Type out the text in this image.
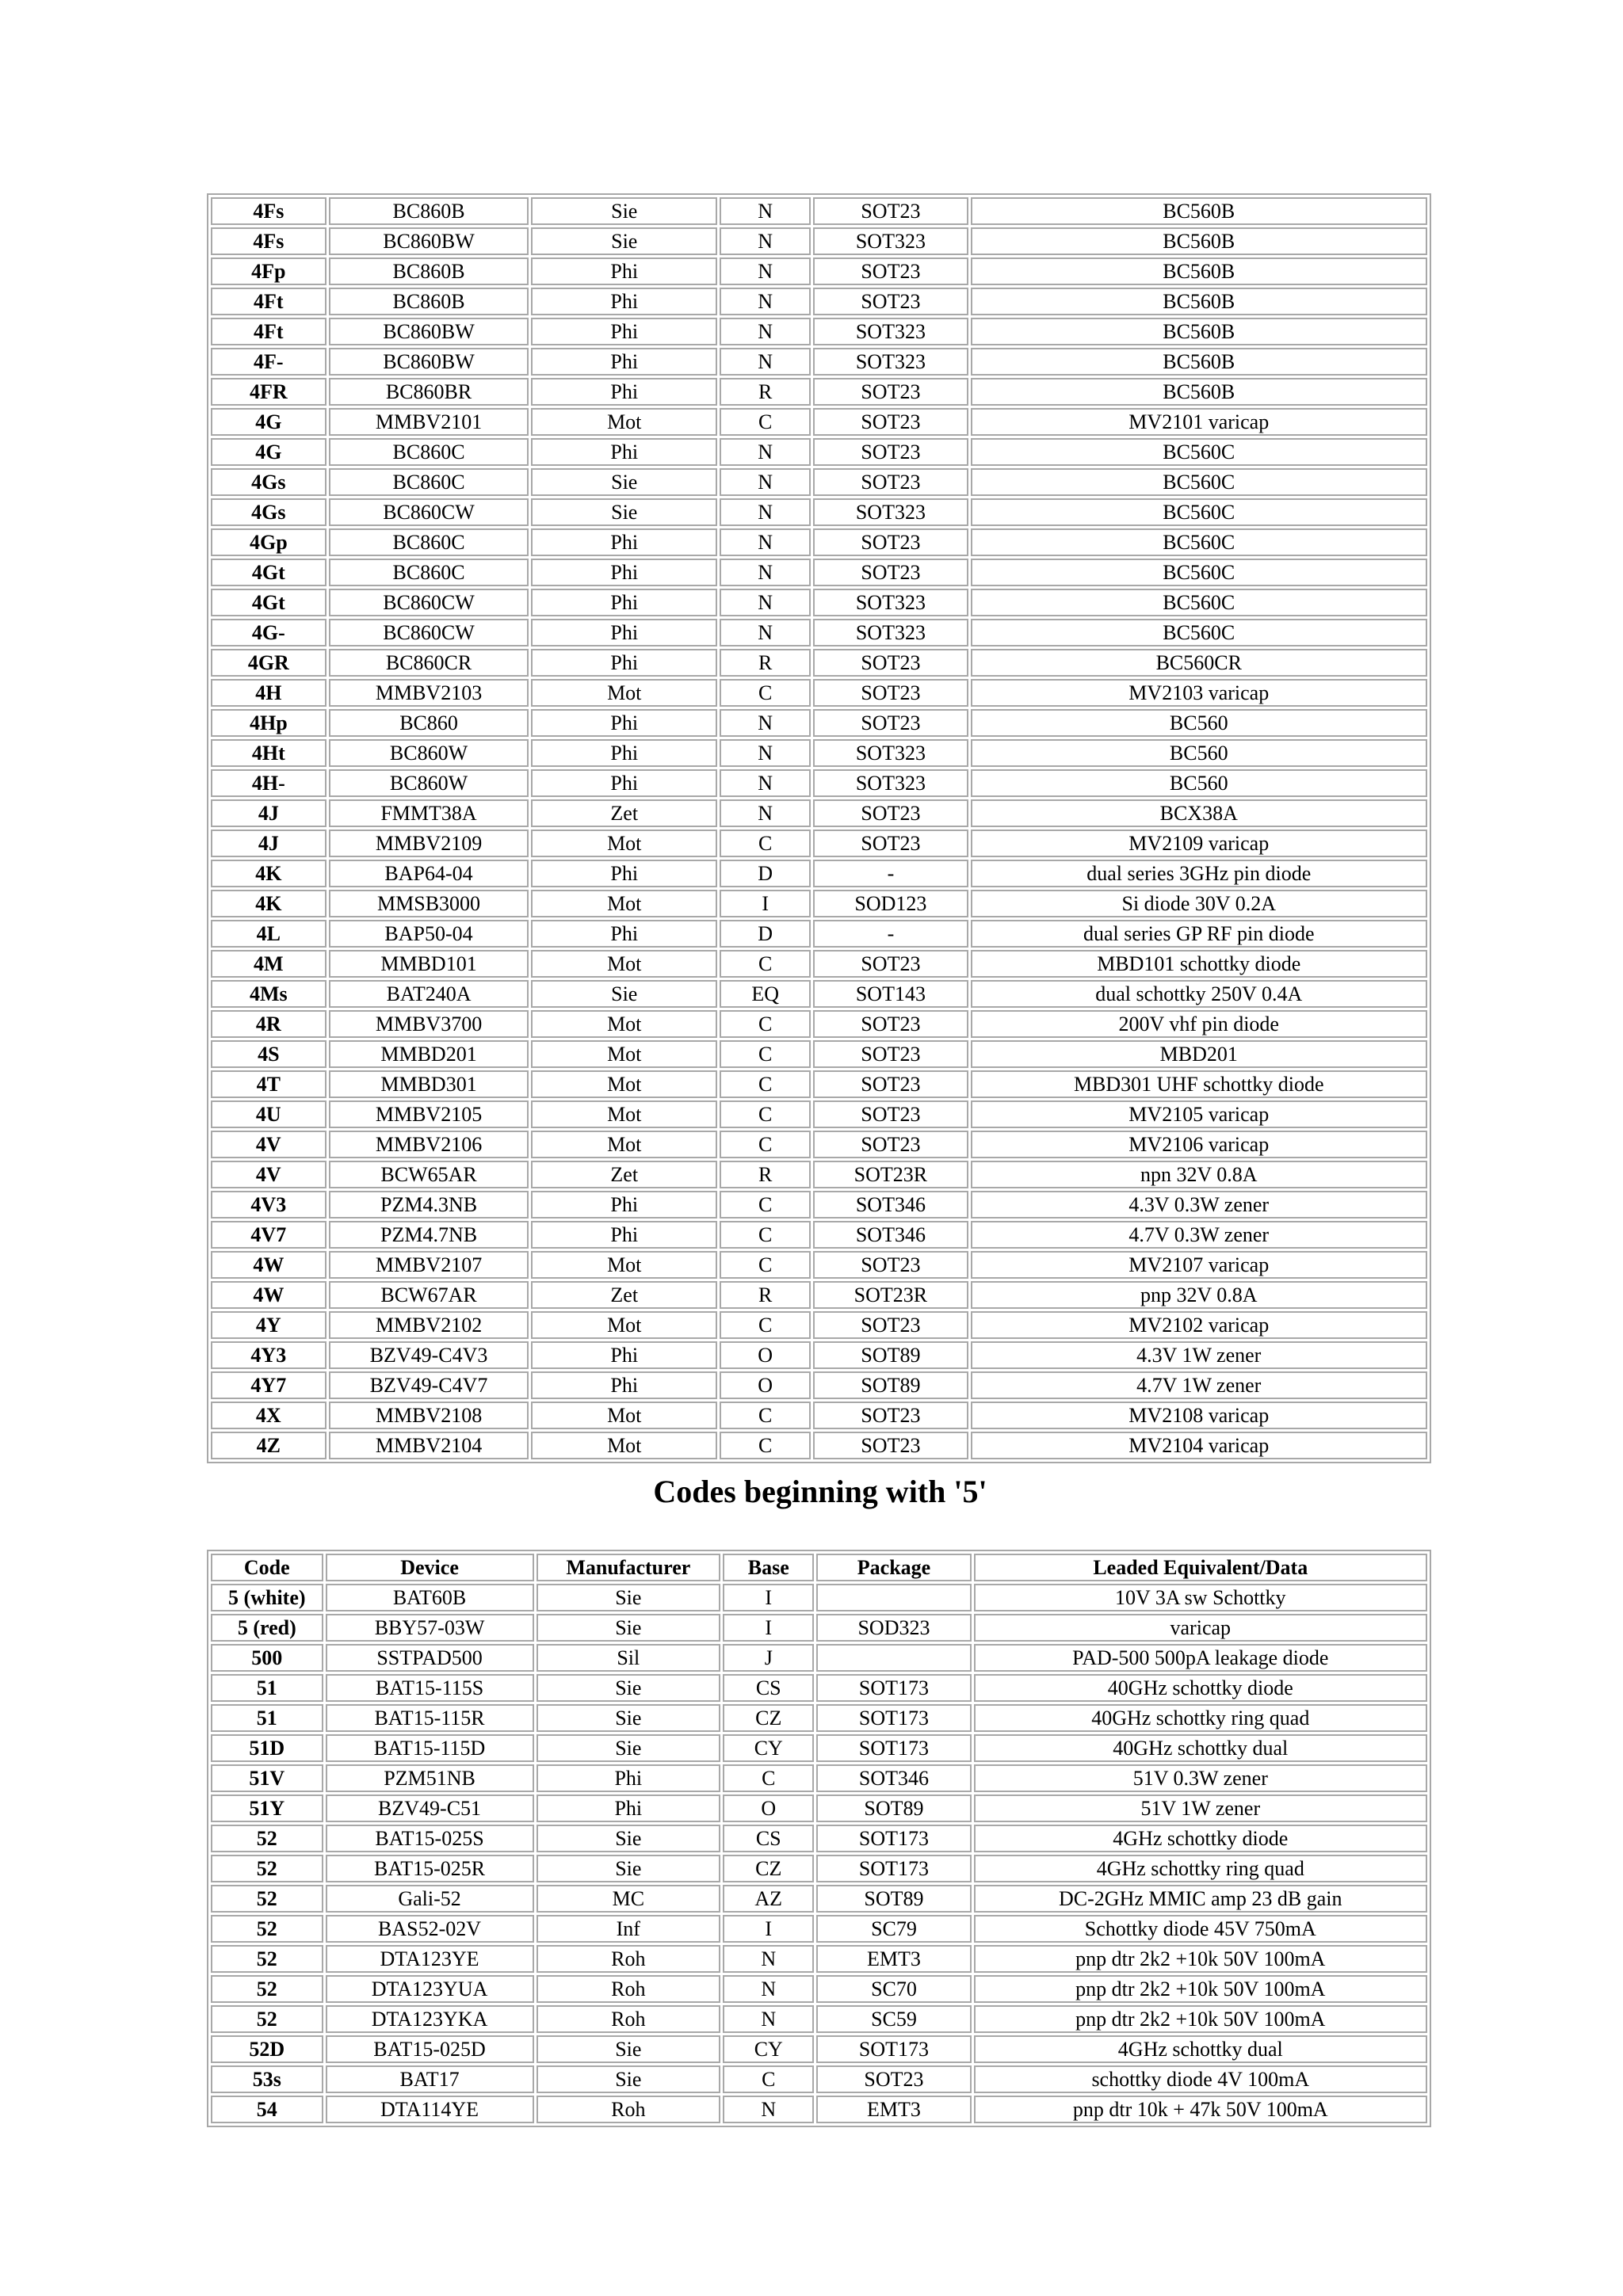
4Fs	BC860B	Sie	N	SOT23	BC560B
4Fs	BC860BW	Sie	N	SOT323	BC560B
4Fp	BC860B	Phi	N	SOT23	BC560B
4Ft	BC860B	Phi	N	SOT23	BC560B
4Ft	BC860BW	Phi	N	SOT323	BC560B
4F-	BC860BW	Phi	N	SOT323	BC560B
4FR	BC860BR	Phi	R	SOT23	BC560B
4G	MMBV2101	Mot	C	SOT23	MV2101 varicap
4G	BC860C	Phi	N	SOT23	BC560C
4Gs	BC860C	Sie	N	SOT23	BC560C
4Gs	BC860CW	Sie	N	SOT323	BC560C
4Gp	BC860C	Phi	N	SOT23	BC560C
4Gt	BC860C	Phi	N	SOT23	BC560C
4Gt	BC860CW	Phi	N	SOT323	BC560C
4G-	BC860CW	Phi	N	SOT323	BC560C
4GR	BC860CR	Phi	R	SOT23	BC560CR
4H	MMBV2103	Mot	C	SOT23	MV2103 varicap
4Hp	BC860	Phi	N	SOT23	BC560
4Ht	BC860W	Phi	N	SOT323	BC560
4H-	BC860W	Phi	N	SOT323	BC560
4J	FMMT38A	Zet	N	SOT23	BCX38A
4J	MMBV2109	Mot	C	SOT23	MV2109 varicap
4K	BAP64-04	Phi	D	-	dual series 3GHz pin diode
4K	MMSB3000	Mot	I	SOD123	Si diode 30V 0.2A
4L	BAP50-04	Phi	D	-	dual series GP RF pin diode
4M	MMBD101	Mot	C	SOT23	MBD101 schottky diode
4Ms	BAT240A	Sie	EQ	SOT143	dual schottky 250V 0.4A
4R	MMBV3700	Mot	C	SOT23	200V vhf pin diode
4S	MMBD201	Mot	C	SOT23	MBD201
4T	MMBD301	Mot	C	SOT23	MBD301 UHF schottky diode
4U	MMBV2105	Mot	C	SOT23	MV2105 varicap
4V	MMBV2106	Mot	C	SOT23	MV2106 varicap
4V	BCW65AR	Zet	R	SOT23R	npn 32V 0.8A
4V3	PZM4.3NB	Phi	C	SOT346	4.3V 0.3W zener
4V7	PZM4.7NB	Phi	C	SOT346	4.7V 0.3W zener
4W	MMBV2107	Mot	C	SOT23	MV2107 varicap
4W	BCW67AR	Zet	R	SOT23R	pnp 32V 0.8A
4Y	MMBV2102	Mot	C	SOT23	MV2102 varicap
4Y3	BZV49-C4V3	Phi	O	SOT89	4.3V 1W zener
4Y7	BZV49-C4V7	Phi	O	SOT89	4.7V 1W zener
4X	MMBV2108	Mot	C	SOT23	MV2108 varicap
4Z	MMBV2104	Mot	C	SOT23	MV2104 varicap
Codes beginning with '5'
Code	Device	Manufacturer	Base	Package	Leaded Equivalent/Data
5 (white)	BAT60B	Sie	I		10V 3A sw Schottky
5 (red)	BBY57-03W	Sie	I	SOD323	varicap
500	SSTPAD500	Sil	J		PAD-500 500pA leakage diode
51	BAT15-115S	Sie	CS	SOT173	40GHz schottky diode
51	BAT15-115R	Sie	CZ	SOT173	40GHz schottky ring quad
51D	BAT15-115D	Sie	CY	SOT173	40GHz schottky dual
51V	PZM51NB	Phi	C	SOT346	51V 0.3W zener
51Y	BZV49-C51	Phi	O	SOT89	51V 1W zener
52	BAT15-025S	Sie	CS	SOT173	4GHz schottky diode
52	BAT15-025R	Sie	CZ	SOT173	4GHz schottky ring quad
52	Gali-52	MC	AZ	SOT89	DC-2GHz MMIC amp 23 dB gain
52	BAS52-02V	Inf	I	SC79	Schottky diode 45V 750mA
52	DTA123YE	Roh	N	EMT3	pnp dtr 2k2 +10k 50V 100mA
52	DTA123YUA	Roh	N	SC70	pnp dtr 2k2 +10k 50V 100mA
52	DTA123YKA	Roh	N	SC59	pnp dtr 2k2 +10k 50V 100mA
52D	BAT15-025D	Sie	CY	SOT173	4GHz schottky dual
53s	BAT17	Sie	C	SOT23	schottky diode 4V 100mA
54	DTA114YE	Roh	N	EMT3	pnp dtr 10k + 47k 50V 100mA
